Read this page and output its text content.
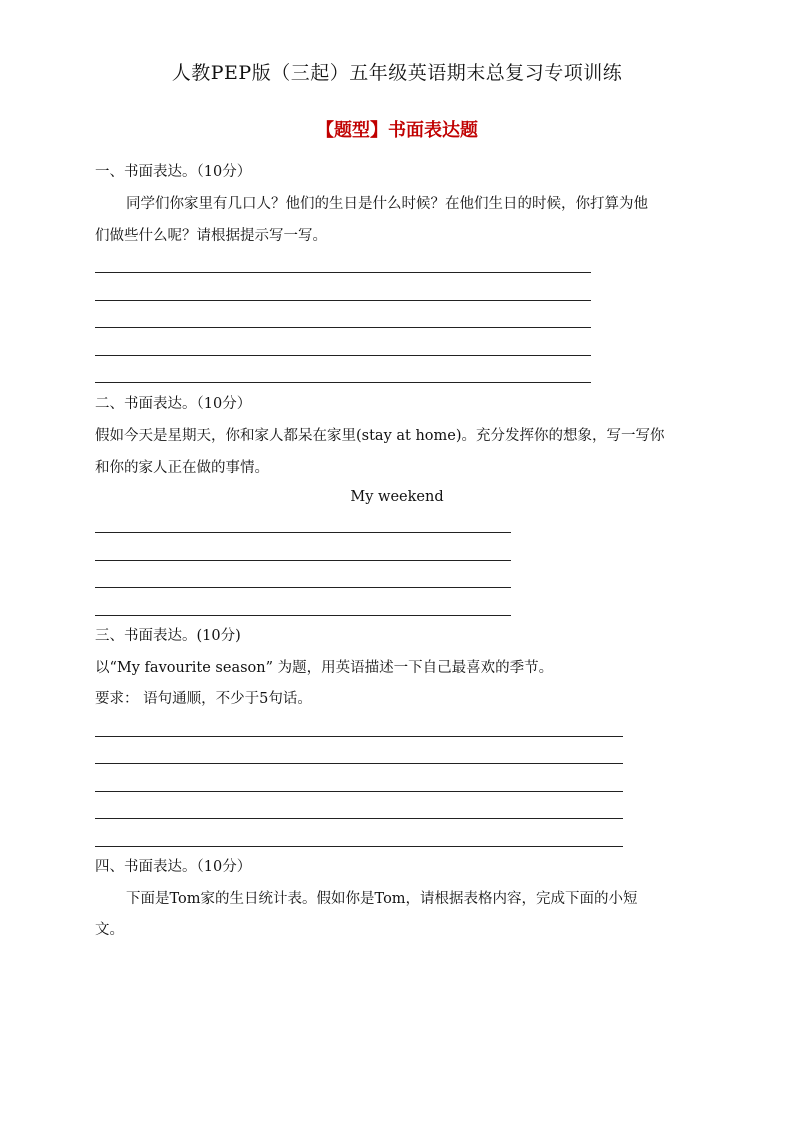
人教PEP版（三起）五年级英语期末总复习专项训练
【题型】书面表达题
一、书面表达。（10分）
同学们你家里有几口人？他们的生日是什么时候？在他们生日的时候，你打算为他
们做些什么呢？请根据提示写一写。
二、书面表达。（10分）
假如今天是星期天，你和家人都呆在家里(stay at home)。充分发挥你的想象，写一写你
和你的家人正在做的事情。
My weekend
三、书面表达。(10分)
以“My favourite season” 为题，用英语描述一下自己最喜欢的季节。
要求： 语句通顺，不少于5句话。
四、书面表达。（10分）
下面是Tom家的生日统计表。假如你是Tom，请根据表格内容，完成下面的小短
文。
